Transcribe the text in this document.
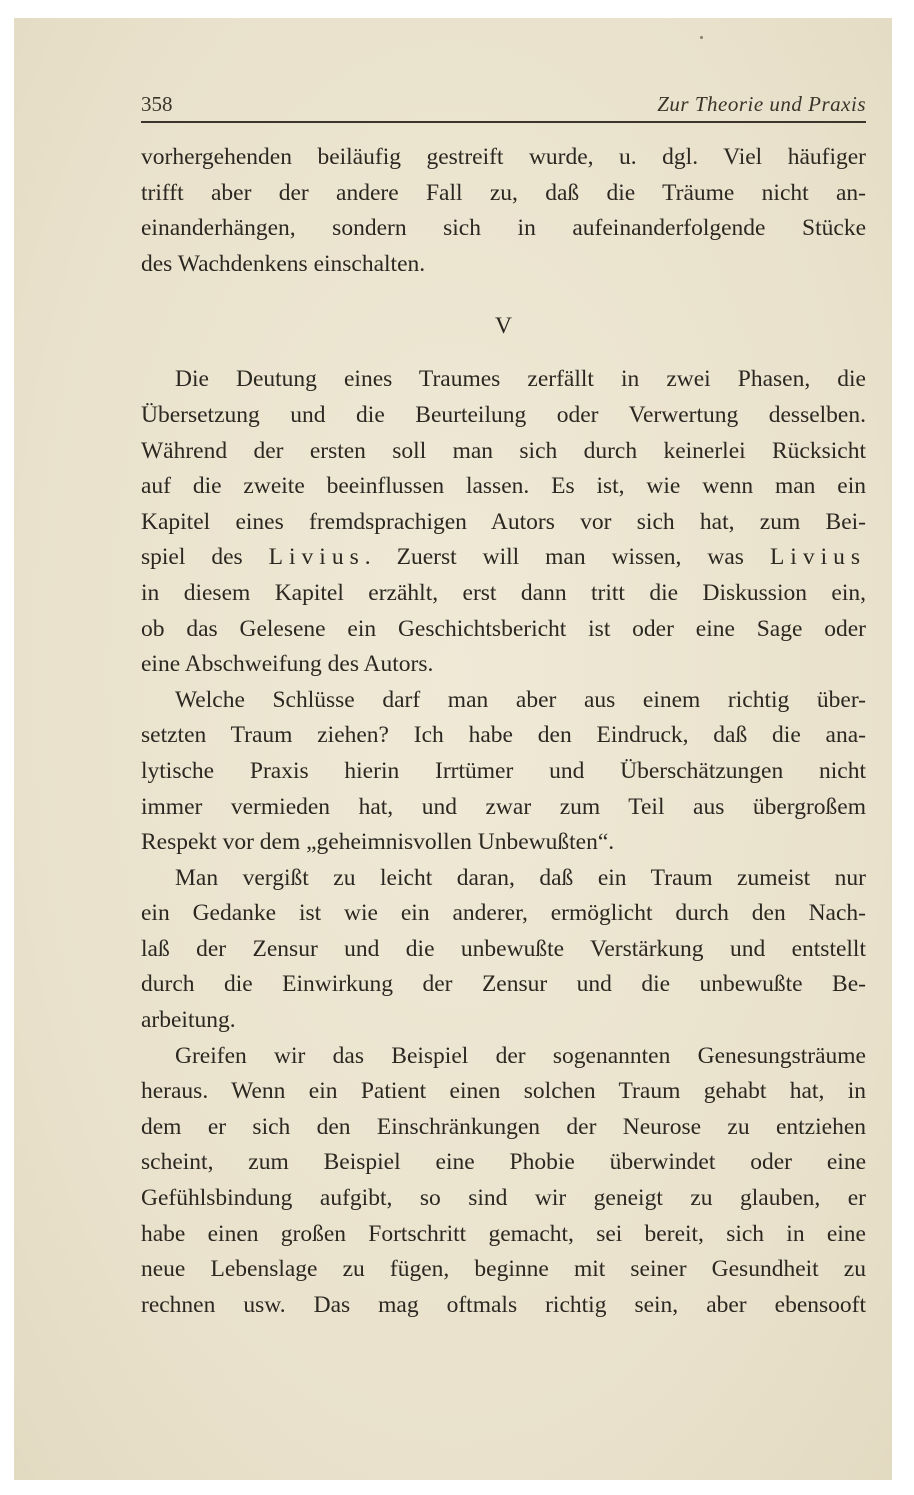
358	Zur Theorie und Praxis
vorhergehenden beiläufig gestreift wurde, u. dgl. Viel häufiger
trifft aber der andere Fall zu, daß die Träume nicht an-
einanderhängen, sondern sich in aufeinanderfolgende Stücke
des Wachdenkens einschalten.
V
Die Deutung eines Traumes zerfällt in zwei Phasen, die
Übersetzung und die Beurteilung oder Verwertung desselben.
Während der ersten soll man sich durch keinerlei Rücksicht
auf die zweite beeinflussen lassen. Es ist, wie wenn man ein
Kapitel eines fremdsprachigen Autors vor sich hat, zum Bei-
spiel des Livius. Zuerst will man wissen, was Livius
in diesem Kapitel erzählt, erst dann tritt die Diskussion ein,
ob das Gelesene ein Geschichtsbericht ist oder eine Sage oder
eine Abschweifung des Autors.
Welche Schlüsse darf man aber aus einem richtig über-
setzten Traum ziehen? Ich habe den Eindruck, daß die ana-
lytische Praxis hierin Irrtümer und Überschätzungen nicht
immer vermieden hat, und zwar zum Teil aus übergroßem
Respekt vor dem „geheimnisvollen Unbewußten“.
Man vergißt zu leicht daran, daß ein Traum zumeist nur
ein Gedanke ist wie ein anderer, ermöglicht durch den Nach-
laß der Zensur und die unbewußte Verstärkung und entstellt
durch die Einwirkung der Zensur und die unbewußte Be-
arbeitung.
Greifen wir das Beispiel der sogenannten Genesungsträume
heraus. Wenn ein Patient einen solchen Traum gehabt hat, in
dem er sich den Einschränkungen der Neurose zu entziehen
scheint, zum Beispiel eine Phobie überwindet oder eine
Gefühlsbindung aufgibt, so sind wir geneigt zu glauben, er
habe einen großen Fortschritt gemacht, sei bereit, sich in eine
neue Lebenslage zu fügen, beginne mit seiner Gesundheit zu
rechnen usw. Das mag oftmals richtig sein, aber ebensooft
